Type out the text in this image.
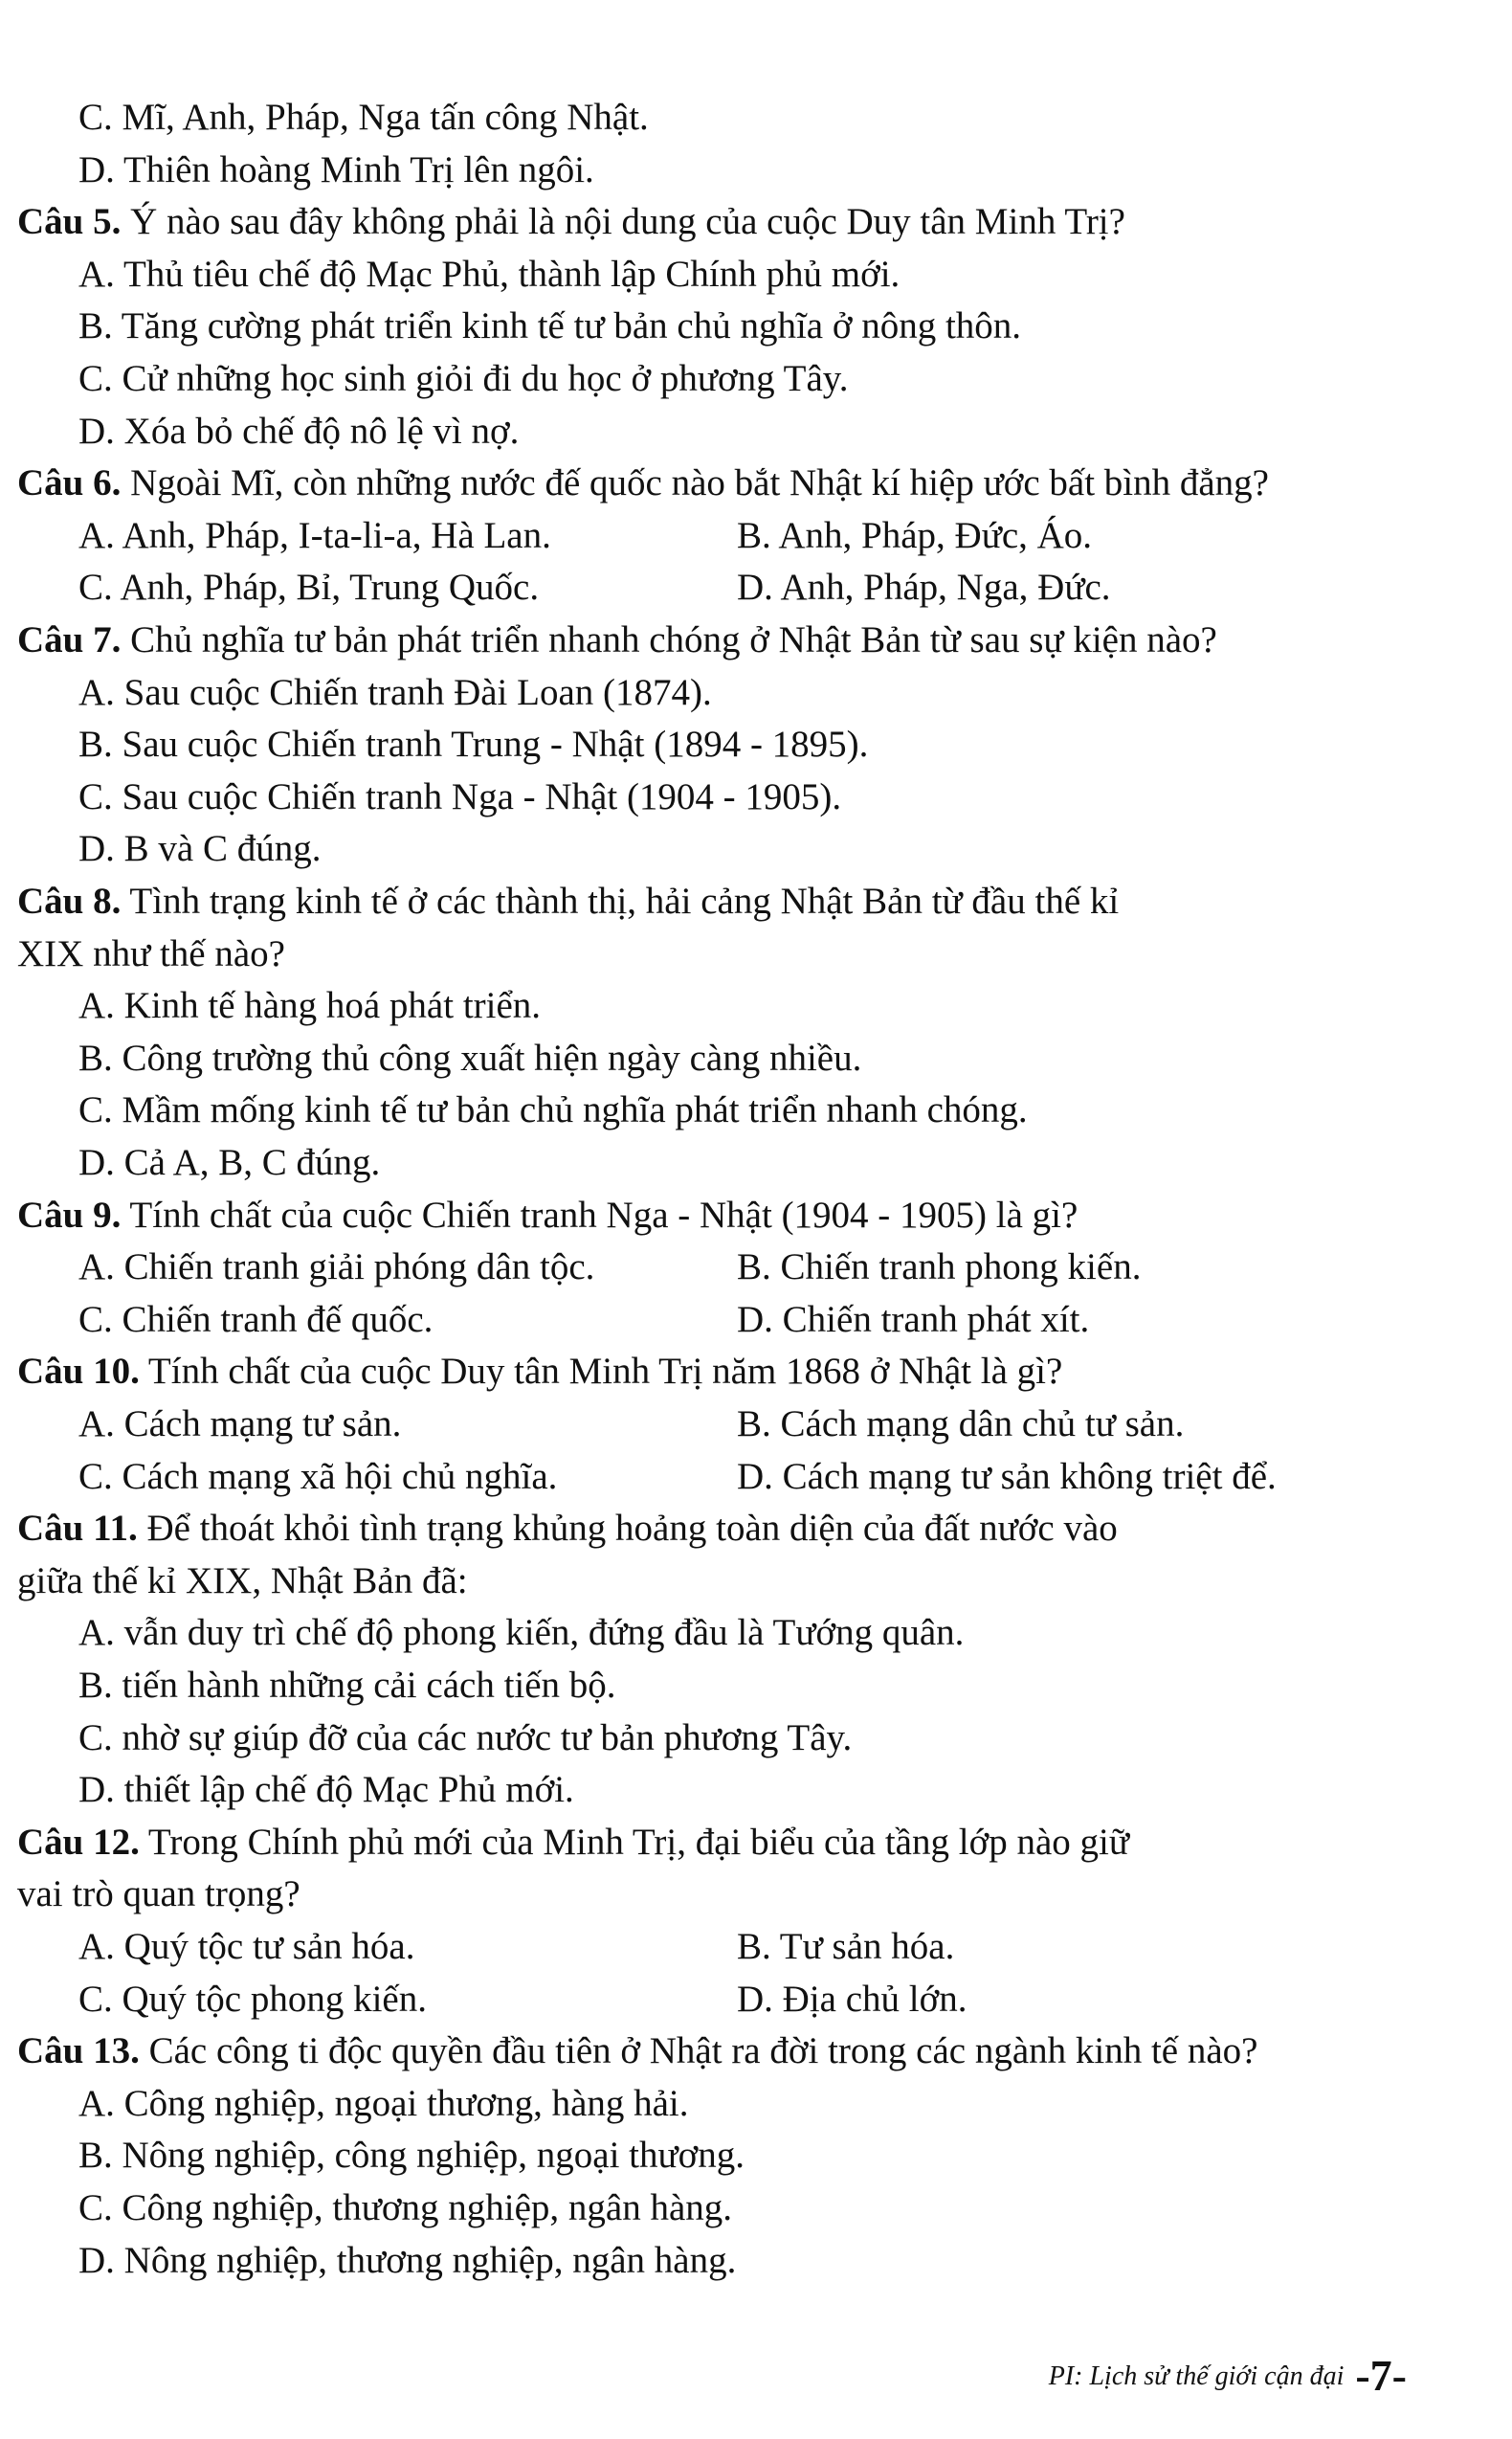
C. Mĩ, Anh, Pháp, Nga tấn công Nhật.
D. Thiên hoàng Minh Trị lên ngôi.
Câu 5. Ý nào sau đây không phải là nội dung của cuộc Duy tân Minh Trị?
A. Thủ tiêu chế độ Mạc Phủ, thành lập Chính phủ mới.
B. Tăng cường phát triển kinh tế tư bản chủ nghĩa ở nông thôn.
C. Cử những học sinh giỏi đi du học ở phương Tây.
D. Xóa bỏ chế độ nô lệ vì nợ.
Câu 6. Ngoài Mĩ, còn những nước đế quốc nào bắt Nhật kí hiệp ước bất bình đẳng?
A. Anh, Pháp, I-ta-li-a, Hà Lan.	B. Anh, Pháp, Đức, Áo.
C. Anh, Pháp, Bỉ, Trung Quốc.	D. Anh, Pháp, Nga, Đức.
Câu 7. Chủ nghĩa tư bản phát triển nhanh chóng ở Nhật Bản từ sau sự kiện nào?
A. Sau cuộc Chiến tranh Đài Loan (1874).
B. Sau cuộc Chiến tranh Trung - Nhật (1894 - 1895).
C. Sau cuộc Chiến tranh Nga - Nhật (1904 - 1905).
D. B và C đúng.
Câu 8. Tình trạng kinh tế ở các thành thị, hải cảng Nhật Bản từ đầu thế kỉ
XIX như thế nào?
A. Kinh tế hàng hoá phát triển.
B. Công trường thủ công xuất hiện ngày càng nhiều.
C. Mầm mống kinh tế tư bản chủ nghĩa phát triển nhanh chóng.
D. Cả A, B, C đúng.
Câu 9. Tính chất của cuộc Chiến tranh Nga - Nhật (1904 - 1905) là gì?
A. Chiến tranh giải phóng dân tộc.	B. Chiến tranh phong kiến.
C. Chiến tranh đế quốc.	D. Chiến tranh phát xít.
Câu 10. Tính chất của cuộc Duy tân Minh Trị năm 1868 ở Nhật là gì?
A. Cách mạng tư sản.	B. Cách mạng dân chủ tư sản.
C. Cách mạng xã hội chủ nghĩa.	D. Cách mạng tư sản không triệt để.
Câu 11. Để thoát khỏi tình trạng khủng hoảng toàn diện của đất nước vào
giữa thế kỉ XIX, Nhật Bản đã:
A. vẫn duy trì chế độ phong kiến, đứng đầu là Tướng quân.
B. tiến hành những cải cách tiến bộ.
C. nhờ sự giúp đỡ của các nước tư bản phương Tây.
D. thiết lập chế độ Mạc Phủ mới.
Câu 12. Trong Chính phủ mới của Minh Trị, đại biểu của tầng lớp nào giữ
vai trò quan trọng?
A. Quý tộc tư sản hóa.	B. Tư sản hóa.
C. Quý tộc phong kiến.	D. Địa chủ lớn.
Câu 13. Các công ti độc quyền đầu tiên ở Nhật ra đời trong các ngành kinh tế nào?
A. Công nghiệp, ngoại thương, hàng hải.
B. Nông nghiệp, công nghiệp, ngoại thương.
C. Công nghiệp, thương nghiệp, ngân hàng.
D. Nông nghiệp, thương nghiệp, ngân hàng.
PI: Lịch sử thế giới cận đại -7-
